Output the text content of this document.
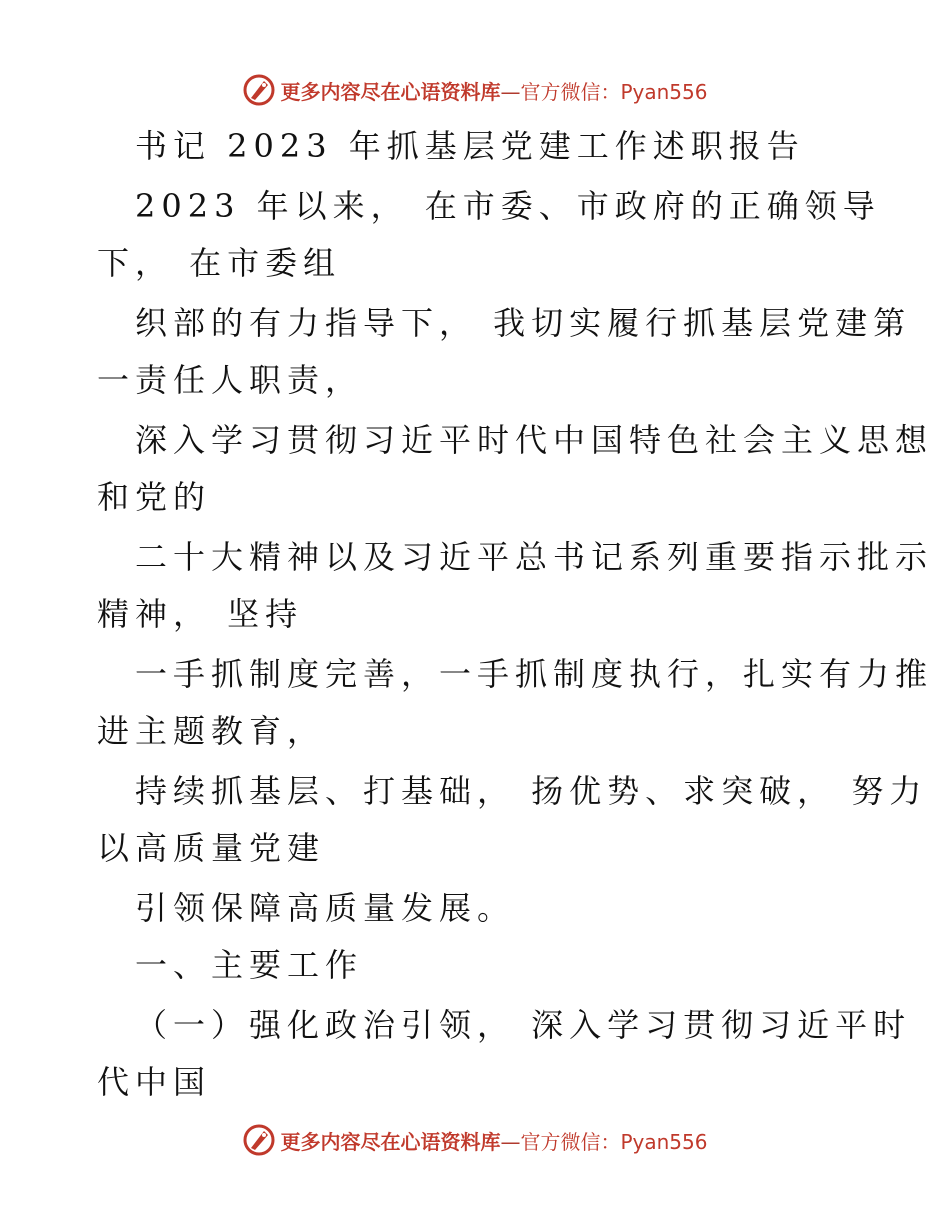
更多内容尽在心语资料库—官方微信：Pyan556
书记 2023 年抓基层党建工作述职报告
2023 年以来， 在市委、市政府的正确领导
下， 在市委组
织部的有力指导下， 我切实履行抓基层党建第
一责任人职责，
深入学习贯彻习近平时代中国特色社会主义思想
和党的
二十大精神以及习近平总书记系列重要指示批示
精神， 坚持
一手抓制度完善，一手抓制度执行，扎实有力推
进主题教育，
持续抓基层、打基础， 扬优势、求突破， 努力
以高质量党建
引领保障高质量发展。
一、主要工作
（一）强化政治引领， 深入学习贯彻习近平时
代中国
更多内容尽在心语资料库—官方微信：Pyan556
